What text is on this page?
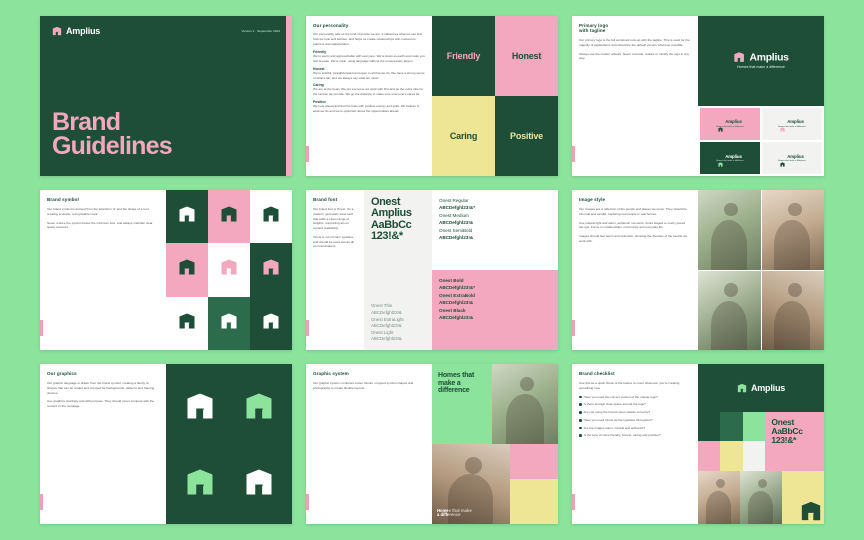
Amplius	Version 1 · September 2024
Brand
Guidelines
Our personality
Our personality tells us the kind of people we are. It influences what we say and how we look and behave, and helps us create relationships with customers, partners and stakeholders.
Friendly
We're warm and approachable with everyone. We're down-to-earth and make you feel at ease. We're clear, using language without the unnecessary jargon.
Honest
We're truthful, straightforward and open in all that we do. We have a strong sense of what's fair, and we always say what we mean.
Caring
We are at the heart. We put everyone we work with first and go the extra mile for the service we provide. We go the distance to make sure everyone's cared for.
Positive
We look ahead and find the links with positive energy and spirit. We believe in what we do and we're optimistic about the opportunities ahead.
Friendly	Honest
Caring	Positive
Primary logo
with tagline
Our primary logo is the full wordmark lock-up with the tagline. This is used for the majority of applications and should be the default version wherever possible.
Always use the master artwork. Never recreate, redraw or modify the logo in any way.	Amplius
Homes that make a difference
Amplius
Homes that make a difference
Amplius
Homes that make a difference
Amplius
Homes that make a difference
Amplius
Homes that make a difference
Brand symbol
Our brand symbol is derived from the letterform 'A' and the shape of a roof, creating a simple, recognisable mark.
Never reduce the symbol below the minimum size, and always maintain clear space around it.
Brand font
Our brand font is Onest. It's a modern, geometric sans serif that adds a clean range of weights, supporting all our content readability.
Onest is our primary typeface and should be used across all communications.
Onest
Amplius
AaBbCc
123!&*
Onest Thin
ABCDefghl23!&
Onest ExtraLight
ABCDefghl23!&
Onest Light
ABCDefghl23!&
Onest Regular
ABCDefghl23!&*
Onest Medium
ABCDefghl23!&
Onest SemiBold
ABCDefghl23!&
Onest Bold
ABCDefghl23!&*
Onest ExtraBold
ABCDefghl23!&
Onest Black
ABCDefghl23!&
Image style
Our images are a reflection of the people and places we serve. They should be informal and candid, capturing real people in real homes.
Use natural light and warm, authentic moments. Avoid staged or overly posed set-ups. Focus on relationships, community and everyday life.
Images should feel warm and optimistic, showing the diversity of the people we work with.
Our graphics
Our graphic language is drawn from the brand symbol, creating a family of shapes that can be scaled and cropped for backgrounds, patterns and framing devices.
Use graphics sparingly and with purpose. They should never compete with the content or the message.
Graphic system
Our graphic system combines colour blocks, cropped symbol shapes and photography to create flexible layouts.
Homes that make a difference
Homes that make
a difference
Brand checklist
Use this as a quick check of the basics to cover whenever you're creating something new.
Have you used the correct version of the master logo?
Is there enough clear space around the logo?
Are you using the brand colour palette correctly?
Have you used Onest as the typeface throughout?
Are the images warm, natural and authentic?
Is the tone of voice friendly, honest, caring and positive?
Amplius
Onest
AaBbCc
123!&*
